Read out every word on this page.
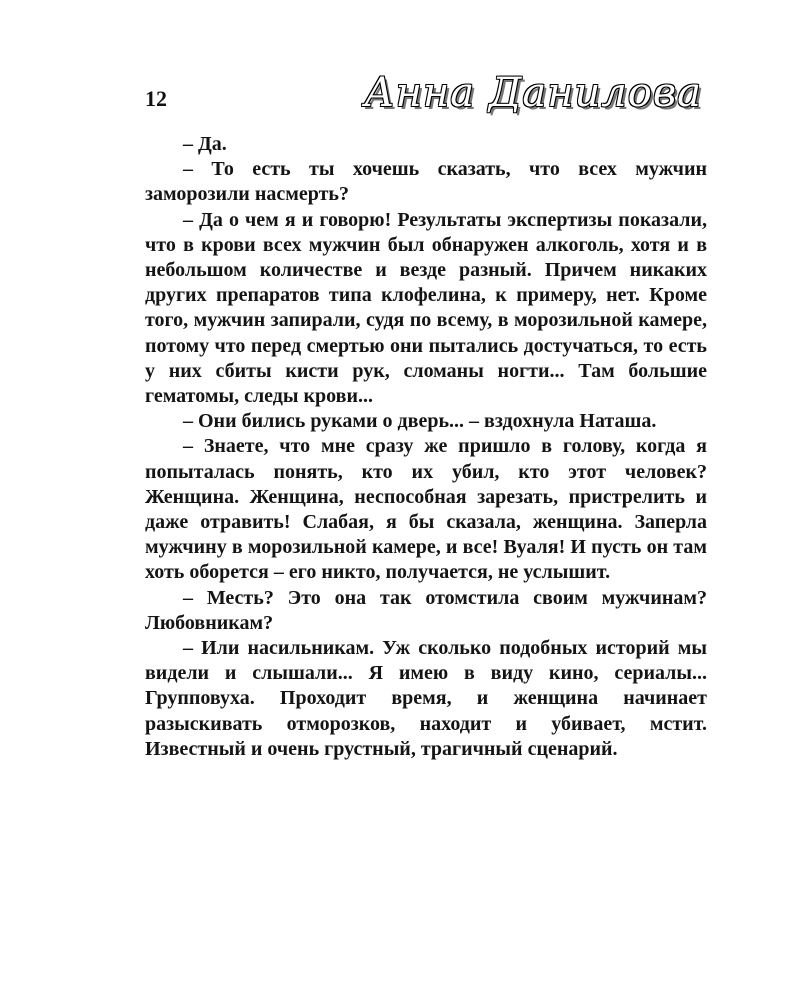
12	Анна Данилова

– Да.

– То есть ты хочешь сказать, что всех мужчин заморозили насмерть?

– Да о чем я и говорю! Результаты экспертизы показали, что в крови всех мужчин был обнаружен алкоголь, хотя и в небольшом количестве и везде разный. Причем никаких других препаратов типа клофелина, к примеру, нет. Кроме того, мужчин запирали, судя по всему, в морозильной камере, потому что перед смертью они пытались достучаться, то есть у них сбиты кисти рук, сломаны ногти... Там большие гематомы, следы крови...

– Они бились руками о дверь... – вздохнула Наташа.

– Знаете, что мне сразу же пришло в голову, когда я попыталась понять, кто их убил, кто этот человек? Женщина. Женщина, неспособная зарезать, пристрелить и даже отравить! Слабая, я бы сказала, женщина. Заперла мужчину в морозильной камере, и все! Вуаля! И пусть он там хоть оборется – его никто, получается, не услышит.

– Месть? Это она так отомстила своим мужчинам? Любовникам?

– Или насильникам. Уж сколько подобных историй мы видели и слышали... Я имею в виду кино, сериалы... Групповуха. Проходит время, и женщина начинает разыскивать отморозков, находит и убивает, мстит. Известный и очень грустный, трагичный сценарий.
